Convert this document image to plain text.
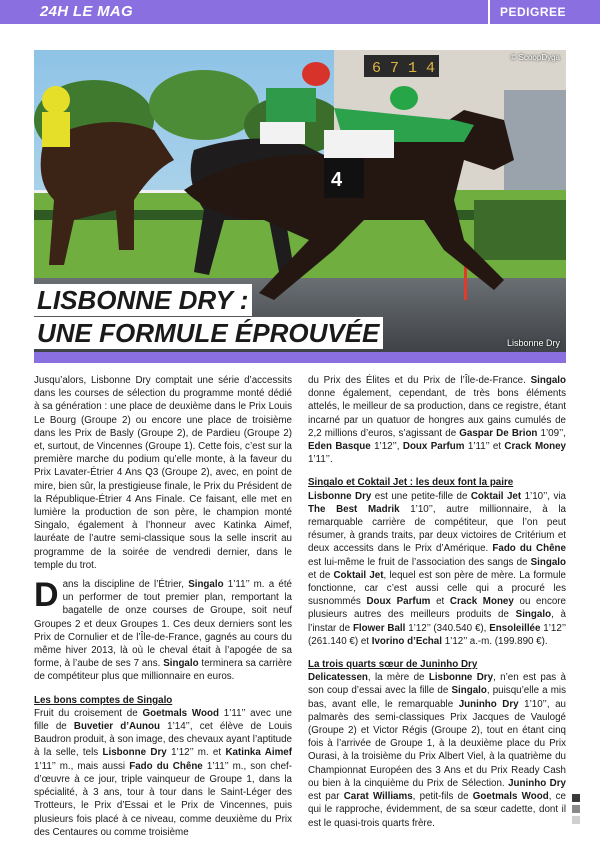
24H LE MAG	PEDIGREE
6 7 1 4
4
© ScoopDyga
Lisbonne Dry
LISBONNE DRY :
UNE FORMULE ÉPROUVÉE

Jusqu’alors, Lisbonne Dry comptait une série d’accessits dans les courses de sélection du programme monté dédié à sa génération : une place de deuxième dans le Prix Louis Le Bourg (Groupe 2) ou encore une place de troisième dans les Prix de Basly (Groupe 2), de Pardieu (Groupe 2) et, surtout, de Vincennes (Groupe 1). Cette fois, c’est sur la première marche du podium qu’elle monte, à la faveur du Prix Lavater-Étrier 4 Ans Q3 (Groupe 2), avec, en point de mire, bien sûr, la prestigieuse finale, le Prix du Président de la République-Étrier 4 Ans Finale. Ce faisant, elle met en lumière la production de son père, le champion monté Singalo, également à l’honneur avec Katinka Aimef, lauréate de l’autre semi-classique sous la selle inscrit au programme de la soirée de vendredi dernier, dans le temple du trot.

Dans la discipline de l’Étrier, Singalo 1’11’’ m. a été un performer de tout premier plan, remportant la bagatelle de onze courses de Groupe, soit neuf Groupes 2 et deux Groupes 1. Ces deux derniers sont les Prix de Cornulier et de l’Île-de-France, gagnés au cours du même hiver 2013, là où le cheval était à l’apogée de sa forme, à l’aube de ses 7 ans. Singalo terminera sa carrière de compétiteur plus que millionnaire en euros.

Les bons comptes de Singalo

Fruit du croisement de Goetmals Wood 1’11’’ avec une fille de Buvetier d’Aunou 1’14’’, cet élève de Louis Baudron produit, à son image, des chevaux ayant l’aptitude à la selle, tels Lisbonne Dry 1’12’’ m. et Katinka Aimef 1’11’’ m., mais aussi Fado du Chêne 1’11’’ m., son chef-d’œuvre à ce jour, triple vainqueur de Groupe 1, dans la spécialité, à 3 ans, tour à tour dans le Saint-Léger des Trotteurs, le Prix d’Essai et le Prix de Vincennes, puis plusieurs fois placé à ce niveau, comme deuxième du Prix des Centaures ou comme troisième

du Prix des Élites et du Prix de l’Île-de-France. Singalo donne également, cependant, de très bons éléments attelés, le meilleur de sa production, dans ce registre, étant incarné par un quatuor de hongres aux gains cumulés de 2,2 millions d’euros, s’agissant de Gaspar De Brion 1’09’’, Eden Basque 1’12’’, Doux Parfum 1’11’’ et Crack Money 1’11’’.

Singalo et Coktail Jet : les deux font la paire

Lisbonne Dry est une petite-fille de Coktail Jet 1’10’’, via The Best Madrik 1’10’’, autre millionnaire, à la remarquable carrière de compétiteur, que l’on peut résumer, à grands traits, par deux victoires de Critérium et deux accessits dans le Prix d’Amérique. Fado du Chêne est lui-même le fruit de l’association des sangs de Singalo et de Coktail Jet, lequel est son père de mère. La formule fonctionne, car c’est aussi celle qui a procuré les susnommés Doux Parfum et Crack Money ou encore plusieurs autres des meilleurs produits de Singalo, à l’instar de Flower Ball 1’12’’ (340.540 €), Ensoleillée 1’12’’ (261.140 €) et Ivorino d’Echal 1’12’’ a.-m. (199.890 €).

La trois quarts sœur de Juninho Dry

Delicatessen, la mère de Lisbonne Dry, n’en est pas à son coup d’essai avec la fille de Singalo, puisqu’elle a mis bas, avant elle, le remarquable Juninho Dry 1’10’’, au palmarès des semi-classiques Prix Jacques de Vaulogé (Groupe 2) et Victor Régis (Groupe 2), tout en étant cinq fois à l’arrivée de Groupe 1, à la deuxième place du Prix Ourasi, à la troisième du Prix Albert Viel, à la quatrième du Championnat Européen des 3 Ans et du Prix Ready Cash ou bien à la cinquième du Prix de Sélection. Juninho Dry est par Carat Williams, petit-fils de Goetmals Wood, ce qui le rapproche, évidemment, de sa sœur cadette, dont il est le quasi-trois quarts frère.
